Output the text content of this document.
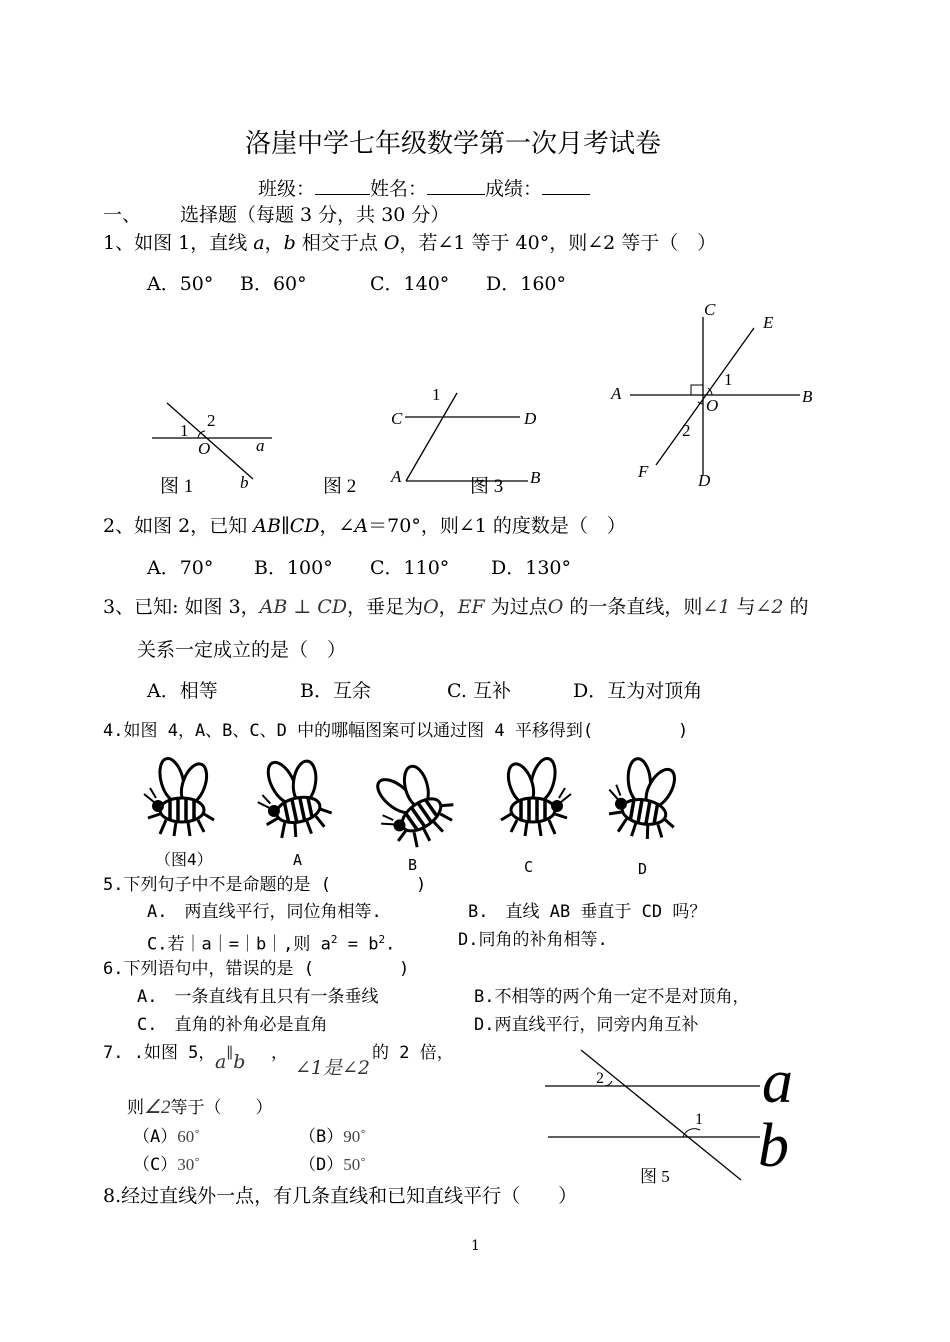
洛崖中学七年级数学第一次月考试卷
班级：	姓名：	成绩：
一、 选择题（每题 3 分，共 30 分）
1、如图 1，直线 a，b 相交于点 O，若∠1 等于 40°，则∠2 等于（　）
A．50° B．60°	C．140° D．160°
1
2
O	a
b
图 1
1
C	D
A	B
图 2
C
E
A	B
O
1
2
F	D
图 3
2、如图 2，已知 AB∥CD，∠A＝70°，则∠1 的度数是（　）
A．70° B．100° C．110° D．130°
3、已知: 如图 3，AB ⊥ CD，垂足为O，EF 为过点O 的一条直线，则∠1 与∠2 的
关系一定成立的是（　）
A．相等	B．互余	C. 互补	D．互为对顶角
4.如图 4，A、B、C、D 中的哪幅图案可以通过图 4 平移得到(　　　　　)
（图4）	A	B	C	D
5.下列句子中不是命题的是 (　　　　　)
A.　两直线平行，同位角相等.	B.　直线 AB 垂直于 CD 吗？
C.若｜a｜=｜b｜,则 $a^2 = b^2$.	D.同角的补角相等.
6.下列语句中，错误的是 (　　　　　)
A.　一条直线有且只有一条垂线	B.不相等的两个角一定不是对顶角，
C.　直角的补角必是直角	D.两直线平行，同旁内角互补
7. .如图 5， a∥b ，
∠1是∠2
的 2 倍，
则∠2等于（　　）
（A）60˚	（B）90˚
（C）30˚	（D）50˚
2
1
a
b
图 5
8.经过直线外一点，有几条直线和已知直线平行（　　）
1
